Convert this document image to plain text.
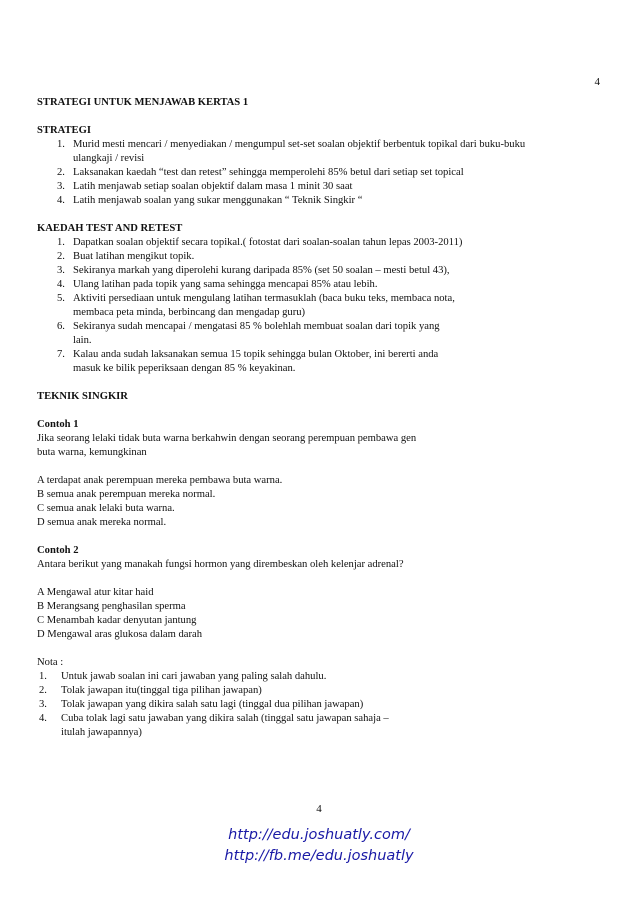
4

STRATEGI UNTUK MENJAWAB KERTAS 1

STRATEGI

1. Murid mesti mencari / menyediakan / mengumpul set-set soalan objektif berbentuk topikal dari buku-buku
ulangkaji / revisi
2. Laksanakan kaedah “test dan retest” sehingga memperolehi 85% betul dari setiap set topical
3. Latih menjawab setiap soalan objektif dalam masa 1 minit 30 saat
4. Latih menjawab soalan yang sukar menggunakan “ Teknik Singkir “

KAEDAH TEST AND RETEST

1. Dapatkan soalan objektif secara topikal.( fotostat dari soalan-soalan tahun lepas 2003-2011)
2. Buat latihan mengikut topik.
3. Sekiranya markah yang diperolehi kurang daripada 85% (set 50 soalan – mesti betul 43),
4. Ulang latihan pada topik yang sama sehingga mencapai 85% atau lebih.
5. Aktiviti persediaan untuk mengulang latihan termasuklah (baca buku teks, membaca nota,
membaca peta minda, berbincang dan mengadap guru)
6. Sekiranya sudah mencapai / mengatasi 85 % bolehlah membuat soalan dari topik yang
lain.
7. Kalau anda sudah laksanakan semua 15 topik sehingga bulan Oktober, ini bererti anda
masuk ke bilik peperiksaan dengan 85 % keyakinan.

TEKNIK SINGKIR

Contoh 1

Jika seorang lelaki tidak buta warna berkahwin dengan seorang perempuan pembawa gen

buta warna, kemungkinan

A terdapat anak perempuan mereka pembawa buta warna.

B semua anak perempuan mereka normal.

C semua anak lelaki buta warna.

D semua anak mereka normal.

Contoh 2

Antara berikut yang manakah fungsi hormon yang dirembeskan oleh kelenjar adrenal?

A Mengawal atur kitar haid

B Merangsang penghasilan sperma

C Menambah kadar denyutan jantung

D Mengawal aras glukosa dalam darah

Nota :

1. Untuk jawab soalan ini cari jawaban yang paling salah dahulu.
2. Tolak jawapan itu(tinggal tiga pilihan jawapan)
3. Tolak jawapan yang dikira salah satu lagi (tinggal dua pilihan jawapan)
4. Cuba tolak lagi satu jawaban yang dikira salah (tinggal satu jawapan sahaja –
itulah jawapannya)
4
http://edu.joshuatly.com/
http://fb.me/edu.joshuatly
